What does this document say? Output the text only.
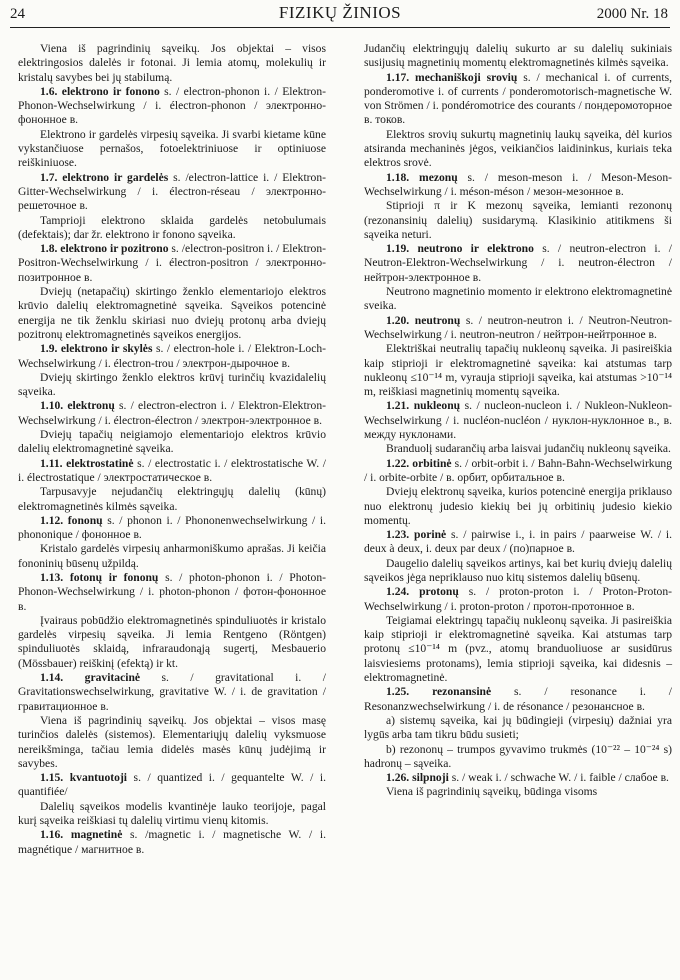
24	FIZIKŲ ŽINIOS	2000 Nr. 18

Viena iš pagrindinių sąveikų. Jos objektai – visos elektringosios dalelės ir fotonai. Ji lemia atomų, molekulių ir kristalų savybes bei jų stabilumą.

1.6. elektrono ir fonono s. / electron-phonon i. / Elektron-Phonon-Wechselwirkung / i. électron-phonon / электронно-фононное в.

Elektrono ir gardelės virpesių sąveika. Ji svarbi kietame kūne vykstančiuose pernašos, fotoelektriniuose ir optiniuose reiškiniuose.

1.7. elektrono ir gardelės s. /electron-lattice i. / Elektron-Gitter-Wechselwirkung / i. électron-réseau / электронно-решеточное в.

Tamprioji elektrono sklaida gardelės netobulumais (defektais); dar žr. elektrono ir fonono sąveika.

1.8. elektrono ir pozitrono s. /electron-positron i. / Elektron-Positron-Wechselwirkung / i. électron-positron / электронно-позитронное в.

Dviejų (netapačių) skirtingo ženklo elementariojo elektros krūvio dalelių elektromagnetinė sąveika. Sąveikos potencinė energija ne tik ženklu skiriasi nuo dviejų protonų arba dviejų pozitronų elektromagnetinės sąveikos energijos.

1.9. elektrono ir skylės s. / electron-hole i. / Elektron-Loch-Wechselwirkung / i. électron-trou / электрон-дырочное в.

Dviejų skirtingo ženklo elektros krūvį turinčių kvazidalelių sąveika.

1.10. elektronų s. / electron-electron i. / Elektron-Elektron-Wechselwirkung / i. électron-électron / электрон-электронное в.

Dviejų tapačių neigiamojo elementariojo elektros krūvio dalelių elektromagnetinė sąveika.

1.11. elektrostatinė s. / electrostatic i. / elektrostatische W. / i. électrostatique / электростатическое в.

Tarpusavyje nejudančių elektringųjų dalelių (kūnų) elektromagnetinės kilmės sąveika.

1.12. fononų s. / phonon i. / Phononenwechselwirkung / i. phononique / фононное в.

Kristalo gardelės virpesių anharmoniškumo aprašas. Ji keičia fononinių būsenų užpildą.

1.13. fotonų ir fononų s. / photon-phonon i. / Photon-Phonon-Wechselwirkung / i. photon-phonon / фотон-фононное в.

Įvairaus pobūdžio elektromagnetinės spinduliuotės ir kristalo gardelės virpesių sąveika. Ji lemia Rentgeno (Röntgen) spinduliuotės sklaidą, infraraudonąją sugertį, Mesbauerio (Mössbauer) reiškinį (efektą) ir kt.

1.14. gravitacinė s. / gravitational i. / Gravitationswechselwirkung, gravitative W. / i. de gravitation / гравитационное в.

Viena iš pagrindinių sąveikų. Jos objektai – visos masę turinčios dalelės (sistemos). Elementariųjų dalelių vyksmuose nereikšminga, tačiau lemia didelės masės kūnų judėjimą ir savybes.

1.15. kvantuotoji s. / quantized i. / gequantelte W. / i. quantifiée/

Dalelių sąveikos modelis kvantinėje lauko teorijoje, pagal kurį sąveika reiškiasi tų dalelių virtimu vienų kitomis.

1.16. magnetinė s. /magnetic i. / magnetische W. / i. magnétique / магнитное в.

Judančių elektringųjų dalelių sukurto ar su dalelių sukiniais susijusių magnetinių momentų elektromagnetinės kilmės sąveika.

1.17. mechaniškoji srovių s. / mechanical i. of currents, ponderomotive i. of currents / ponderomotorisch-magnetische W. von Strömen / i. pondéromotrice des courants / пондеромоторное в. токов.

Elektros srovių sukurtų magnetinių laukų sąveika, dėl kurios atsiranda mechaninės jėgos, veikiančios laidininkus, kuriais teka elektros srovė.

1.18. mezonų s. / meson-meson i. / Meson-Meson-Wechselwirkung / i. méson-méson / мезон-мезонное в.

Stiprioji π ir K mezonų sąveika, lemianti rezononų (rezonansinių dalelių) susidarymą. Klasikinio atitikmens ši sąveika neturi.

1.19. neutrono ir elektrono s. / neutron-electron i. / Neutron-Elektron-Wechselwirkung / i. neutron-électron / нейтрон-электронное в.

Neutrono magnetinio momento ir elektrono elektromagnetinė sveika.

1.20. neutronų s. / neutron-neutron i. / Neutron-Neutron-Wechselwirkung / i. neutron-neutron / нейтрон-нейтронное в.

Elektriškai neutralių tapačių nukleonų sąveika. Ji pasireiškia kaip stiprioji ir elektromagnetinė sąveika: kai atstumas tarp nukleonų ≤10⁻¹⁴ m, vyrauja stiprioji sąveika, kai atstumas >10⁻¹⁴ m, reiškiasi magnetinių momentų sąveika.

1.21. nukleonų s. / nucleon-nucleon i. / Nukleon-Nukleon-Wechselwirkung / i. nucléon-nucléon / нуклон-нуклонное в., в. между нуклонами.

Branduolį sudarančių arba laisvai judančių nukleonų sąveika.

1.22. orbitinė s. / orbit-orbit i. / Bahn-Bahn-Wechselwirkung / i. orbite-orbite / в. орбит, орбитальное в.

Dviejų elektronų sąveika, kurios potencinė energija priklauso nuo elektronų judesio kiekių bei jų orbitinių judesio kiekio momentų.

1.23. porinė s. / pairwise i., i. in pairs / paarweise W. / i. deux à deux, i. deux par deux / (по)парное в.

Daugelio dalelių sąveikos artinys, kai bet kurių dviejų dalelių sąveikos jėga nepriklauso nuo kitų sistemos dalelių būsenų.

1.24. protonų s. / proton-proton i. / Proton-Proton-Wechselwirkung / i. proton-proton / протон-протонное в.

Teigiamai elektringų tapačių nukleonų sąveika. Ji pasireiškia kaip stiprioji ir elektromagnetinė sąveika. Kai atstumas tarp protonų ≤10⁻¹⁴ m (pvz., atomų branduoliuose ar susidūrus laisviesiems protonams), lemia stiprioji sąveika, kai didesnis – elektromagnetinė.

1.25. rezonansinė s. / resonance i. / Resonanzwechselwirkung / i. de résonance / резонансное в.

a) sistemų sąveika, kai jų būdingieji (virpesių) dažniai yra lygūs arba tam tikru būdu susieti;

b) rezononų – trumpos gyvavimo trukmės (10⁻²² – 10⁻²⁴ s) hadronų – sąveika.

1.26. silpnoji s. / weak i. / schwache W. / i. faible / слабое в.

Viena iš pagrindinių sąveikų, būdinga visoms
